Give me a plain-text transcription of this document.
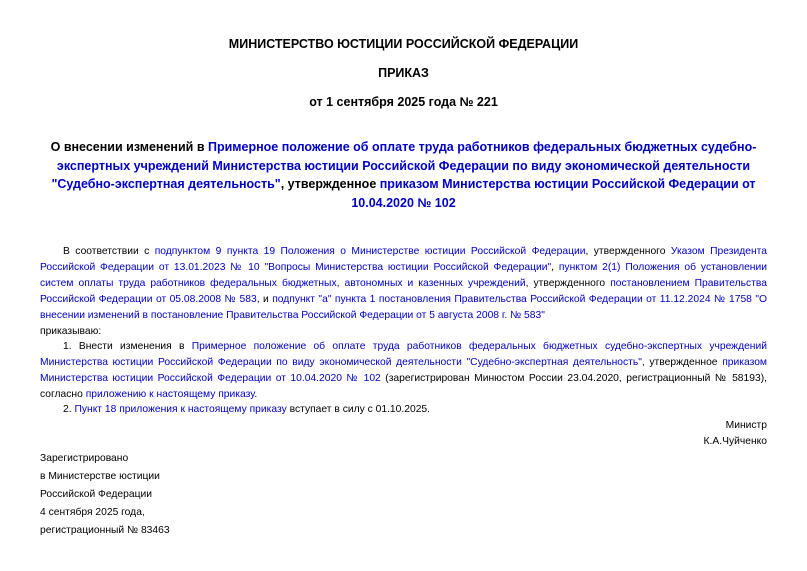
МИНИСТЕРСТВО ЮСТИЦИИ РОССИЙСКОЙ ФЕДЕРАЦИИ
ПРИКАЗ
от 1 сентября 2025 года № 221
О внесении изменений в Примерное положение об оплате труда работников федеральных бюджетных судебно-экспертных учреждений Министерства юстиции Российской Федерации по виду экономической деятельности "Судебно-экспертная деятельность", утвержденное приказом Министерства юстиции Российской Федерации от 10.04.2020 № 102
В соответствии с подпунктом 9 пункта 19 Положения о Министерстве юстиции Российской Федерации, утвержденного Указом Президента Российской Федерации от 13.01.2023 № 10 "Вопросы Министерства юстиции Российской Федерации", пунктом 2(1) Положения об установлении систем оплаты труда работников федеральных бюджетных, автономных и казенных учреждений, утвержденного постановлением Правительства Российской Федерации от 05.08.2008 № 583, и подпункт "а" пункта 1 постановления Правительства Российской Федерации от 11.12.2024 № 1758 "О внесении изменений в постановление Правительства Российской Федерации от 5 августа 2008 г. № 583"
приказываю:
1. Внести изменения в Примерное положение об оплате труда работников федеральных бюджетных судебно-экспертных учреждений Министерства юстиции Российской Федерации по виду экономической деятельности "Судебно-экспертная деятельность", утвержденное приказом Министерства юстиции Российской Федерации от 10.04.2020 № 102 (зарегистрирован Минюстом России 23.04.2020, регистрационный № 58193), согласно приложению к настоящему приказу.
2. Пункт 18 приложения к настоящему приказу вступает в силу с 01.10.2025.
Министр
К.А.Чуйченко
Зарегистрировано
в Министерстве юстиции
Российской Федерации
4 сентября 2025 года,
регистрационный № 83463
